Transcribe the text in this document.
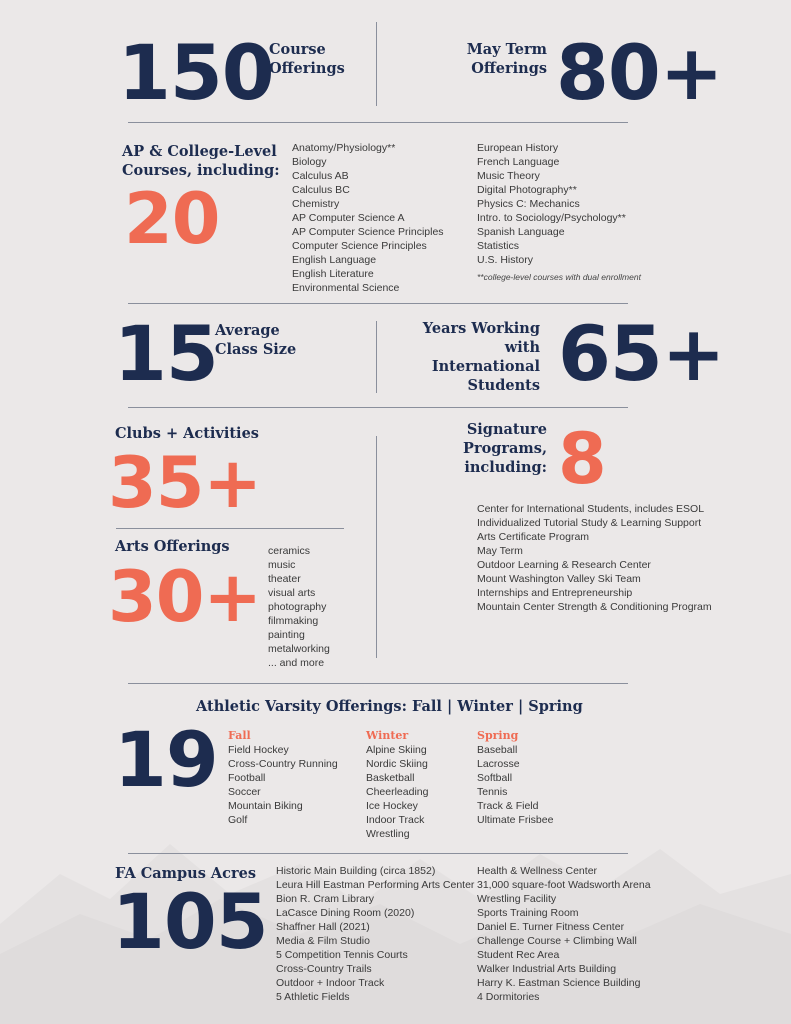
150
Course
Offerings
May Term
Offerings 80+
AP & College-Level
Courses, including:
20
Anatomy/Physiology**
Biology
Calculus AB
Calculus BC
Chemistry
AP Computer Science A
AP Computer Science Principles
Computer Science Principles
English Language
English Literature
Environmental Science
European History
French Language
Music Theory
Digital Photography**
Physics C: Mechanics
Intro. to Sociology/Psychology**
Spanish Language
Statistics
U.S. History
**college-level courses with dual enrollment
15
Average
Class Size
Years Working
with
International
Students 65+
Clubs + Activities
35+
Arts Offerings
30+
ceramics
music
theater
visual arts
photography
filmmaking
painting
metalworking
... and more
Signature Programs,
including: 8
Center for International Students, includes ESOL
Individualized Tutorial Study & Learning Support
Arts Certificate Program
May Term
Outdoor Learning & Research Center
Mount Washington Valley Ski Team
Internships and Entrepreneurship
Mountain Center Strength & Conditioning Program
Athletic Varsity Offerings: Fall | Winter | Spring
19 Fall
Field Hockey
Cross-Country Running
Football
Soccer
Mountain Biking
Golf
Winter
Alpine Skiing
Nordic Skiing
Basketball
Cheerleading
Ice Hockey
Indoor Track
Wrestling
Spring
Baseball
Lacrosse
Softball
Tennis
Track & Field
Ultimate Frisbee
FA Campus Acres
105
Historic Main Building (circa 1852)
Leura Hill Eastman Performing Arts Center
Bion R. Cram Library
LaCasce Dining Room (2020)
Shaffner Hall (2021)
Media & Film Studio
5 Competition Tennis Courts
Cross-Country Trails
Outdoor + Indoor Track
5 Athletic Fields
Health & Wellness Center
31,000 square-foot Wadsworth Arena
Wrestling Facility
Sports Training Room
Daniel E. Turner Fitness Center
Challenge Course + Climbing Wall
Student Rec Area
Walker Industrial Arts Building
Harry K. Eastman Science Building
4 Dormitories
